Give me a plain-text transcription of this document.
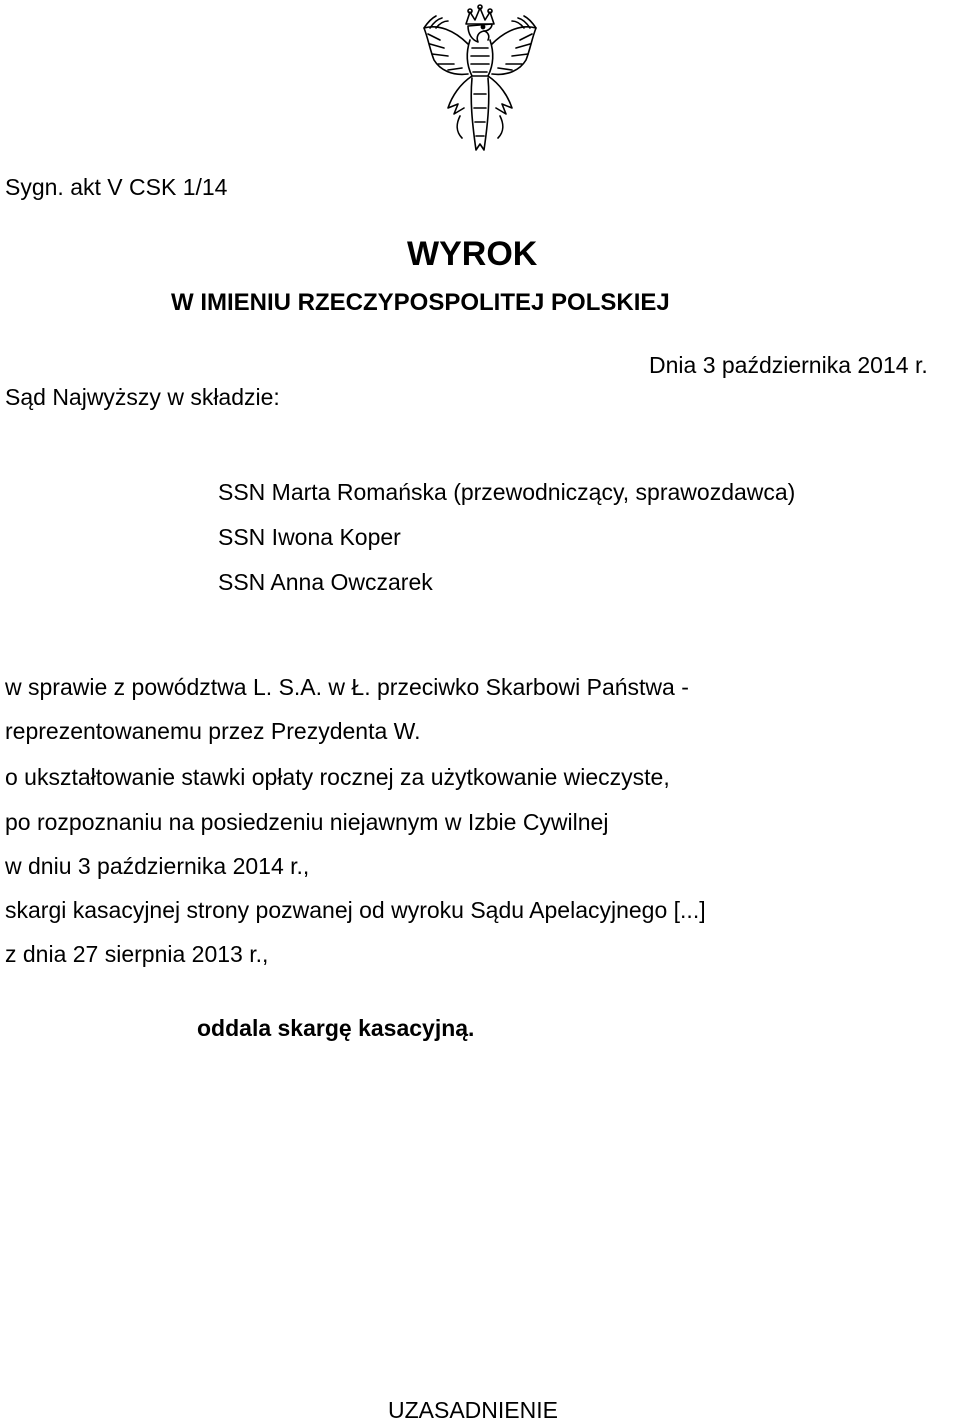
Sygn. akt V CSK 1/14
WYROK
W IMIENIU RZECZYPOSPOLITEJ POLSKIEJ
Dnia 3 października 2014 r.
Sąd Najwyższy w składzie:
SSN Marta Romańska (przewodniczący, sprawozdawca)
SSN Iwona Koper
SSN Anna Owczarek
w sprawie z powództwa L. S.A. w Ł. przeciwko Skarbowi Państwa -
reprezentowanemu przez Prezydenta W.
o ukształtowanie stawki opłaty rocznej za użytkowanie wieczyste,
po rozpoznaniu na posiedzeniu niejawnym w Izbie Cywilnej
w dniu 3 października 2014 r.,
skargi kasacyjnej strony pozwanej od wyroku Sądu Apelacyjnego [...]
z dnia 27 sierpnia 2013 r.,
oddala skargę kasacyjną.
UZASADNIENIE
